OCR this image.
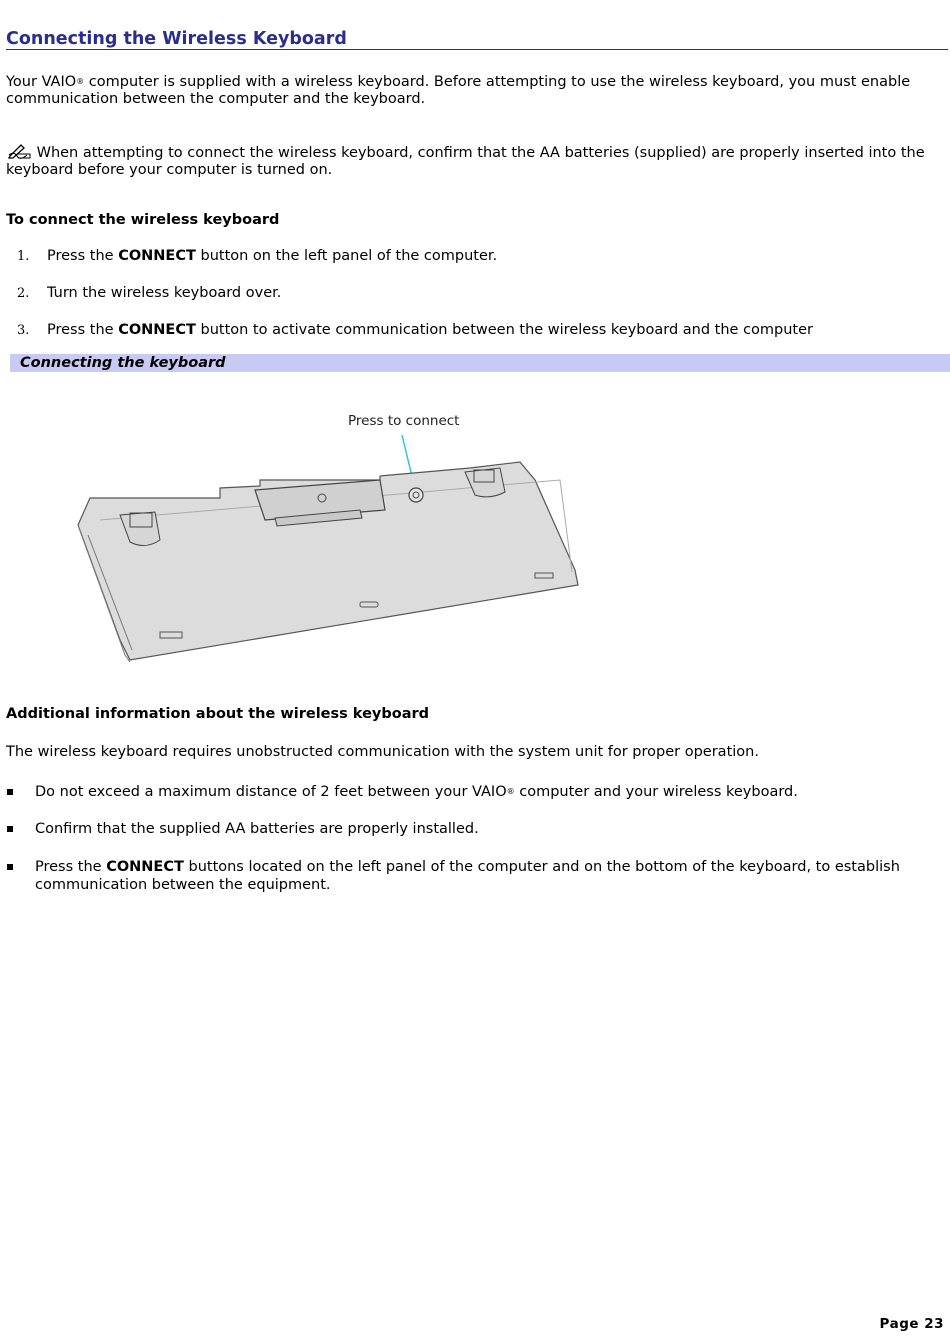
Connecting the Wireless Keyboard
Your VAIO® computer is supplied with a wireless keyboard. Before attempting to use the wireless keyboard, you must enable communication between the computer and the keyboard.
When attempting to connect the wireless keyboard, confirm that the AA batteries (supplied) are properly inserted into the keyboard before your computer is turned on.
To connect the wireless keyboard
1. Press the CONNECT button on the left panel of the computer.
2. Turn the wireless keyboard over.
3. Press the CONNECT button to activate communication between the wireless keyboard and the computer
Connecting the keyboard
Press to connect
Additional information about the wireless keyboard
The wireless keyboard requires unobstructed communication with the system unit for proper operation.
Do not exceed a maximum distance of 2 feet between your VAIO® computer and your wireless keyboard.
Confirm that the supplied AA batteries are properly installed.
Press the CONNECT buttons located on the left panel of the computer and on the bottom of the keyboard, to establish communication between the equipment.
Page 23
